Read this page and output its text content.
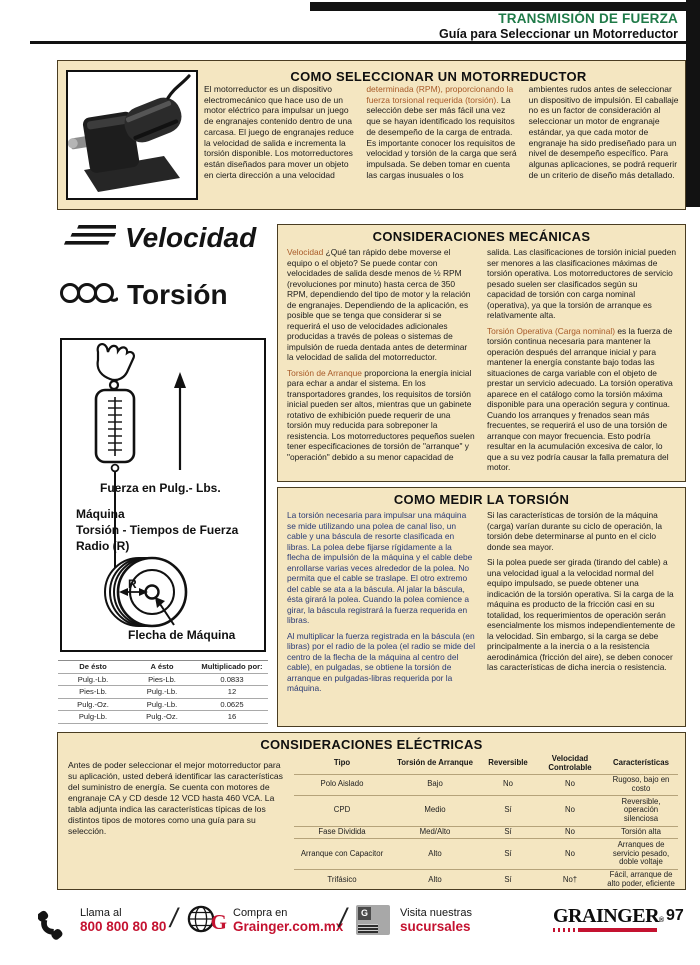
TRANSMISIÓN DE FUERZA
Guía para Seleccionar un Motorreductor
COMO SELECCIONAR UN MOTORREDUCTOR

El motorreductor es un dispositivo electromecánico que hace uso de un motor eléctrico para impulsar un juego de engranajes contenido dentro de una carcasa. El juego de engranajes reduce la velocidad de salida e incrementa la torsión disponible. Los motorreductores están diseñados para mover un objeto en cierta dirección a una velocidad

determinada (RPM), proporcionando la fuerza torsional requerida (torsión). La selección debe ser más fácil una vez que se hayan identificado los requisitos de desempeño de la carga de entrada. Es importante conocer los requisitos de velocidad y torsión de la carga que será impulsada. Se deben tomar en cuenta las cargas inusuales o los

ambientes rudos antes de seleccionar un dispositivo de impulsión. El caballaje no es un factor de consideración al seleccionar un motor de engranaje estándar, ya que cada motor de engranaje ha sido prediseñado para un nivel de desempeño específico. Para algunas aplicaciones, se podrá requerir de un criterio de diseño más detallado.

Velocidad
Torsión
Fuerza en Pulg.- Lbs.
Máquina
Torsión - Tiempos de Fuerza
Radio (R)
R
Flecha de Máquina
De ésto	A ésto	Multiplicado por:
Pulg.-Lb.	Pies-Lb.	0.0833
Pies-Lb.	Pulg.-Lb.	12
Pulg.-Oz.	Pulg.-Lb.	0.0625
Pulg-Lb.	Pulg.-Oz.	16
CONSIDERACIONES MECÁNICAS

Velocidad ¿Qué tan rápido debe moverse el equipo o el objeto? Se puede contar con velocidades de salida desde menos de ½ RPM (revoluciones por minuto) hasta cerca de 350 RPM, dependiendo del tipo de motor y la relación de engranajes. Dependiendo de la aplicación, es posible que se tenga que considerar si se requerirá el uso de velocidades adicionales producidas a través de poleas o sistemas de impulsión de rueda dentada antes de determinar la velocidad de salida del motorreductor.

Torsión de Arranque proporciona la energía inicial para echar a andar el sistema. En los transportadores grandes, los requisitos de torsión inicial pueden ser altos, mientras que un gabinete rotativo de exhibición puede requerir de una torsión muy reducida para sobreponer la resistencia. Los motorreductores pequeños suelen tener especificaciones de torsión de "arranque" y "operación" debido a su menor capacidad de

salida. Las clasificaciones de torsión inicial pueden ser menores a las clasificaciones máximas de torsión operativa. Los motorreductores de servicio pesado suelen ser clasificados según su capacidad de torsión con carga nominal (operativa), ya que la torsión de arranque es relativamente alta.

Torsión Operativa (Carga nominal) es la fuerza de torsión continua necesaria para mantener la operación después del arranque inicial y para mantener la energía constante bajo todas las situaciones de carga variable con el objeto de prestar un servicio adecuado. La torsión operativa aparece en el catálogo como la torsión máxima disponible para una operación segura y continua. Cuando los arranques y frenados sean más frecuentes, se requerirá el uso de una torsión de arranque con mayor frecuencia. Esto podría resultar en la acumulación excesiva de calor, lo que a su vez podría causar la falla prematura del motor.

COMO MEDIR LA TORSIÓN

La torsión necesaria para impulsar una máquina se mide utilizando una polea de canal liso, un cable y una báscula de resorte clasificada en libras. La polea debe fijarse rígidamente a la flecha de impulsión de la máquina y el cable debe enrollarse varias veces alrededor de la polea. No permita que el cable se traslape. El otro extremo del cable se ata a la báscula. Al jalar la báscula, ésta girará la polea. Cuando la polea comience a girar, la báscula registrará la fuerza requerida en libras.

Al multiplicar la fuerza registrada en la báscula (en libras) por el radio de la polea (el radio se mide del centro de la flecha de la máquina al centro del cable), en pulgadas, se obtiene la torsión de arranque en pulgadas-libras requerida por la máquina.

Si las características de torsión de la máquina (carga) varían durante su ciclo de operación, la torsión debe determinarse al punto en el ciclo donde sea mayor.

Si la polea puede ser girada (tirando del cable) a una velocidad igual a la velocidad normal del equipo impulsado, se puede obtener una indicación de la torsión operativa. Si la carga de la máquina es producto de la fricción casi en su totalidad, los requerimientos de operación serán esencialmente los mismos independientemente de la velocidad. Sin embargo, si la carga se debe principalmente a la inercia o a la resistencia aerodinámica (fricción del aire), se deben conocer las características de dicha inercia o resistencia.

CONSIDERACIONES ELÉCTRICAS

Antes de poder seleccionar el mejor motorreductor para su aplicación, usted deberá identificar las características del suministro de energía. Se cuenta con motores de engranaje CA y CD desde 12 VCD hasta 460 VCA. La tabla adjunta indica las características típicas de los distintos tipos de motores como una guía para su selección.

Tipo	Torsión de Arranque	Reversible	Velocidad Controlable	Características
Polo Aislado	Bajo	No	No	Rugoso, bajo en costo
CPD	Medio	Sí	No	Reversible, operación silenciosa
Fase Dividida	Med/Alto	Sí	No	Torsión alta
Arranque con Capacitor	Alto	Sí	No	Arranques de servicio pesado, doble voltaje
Trifásico	Alto	Sí	No†	Fácil, arranque de alto poder, eficiente

Llama al
800 800 80 80 / G Compra en
Grainger.com.mx
/	G	Visita nuestras
sucursales	GRAINGER® 97
